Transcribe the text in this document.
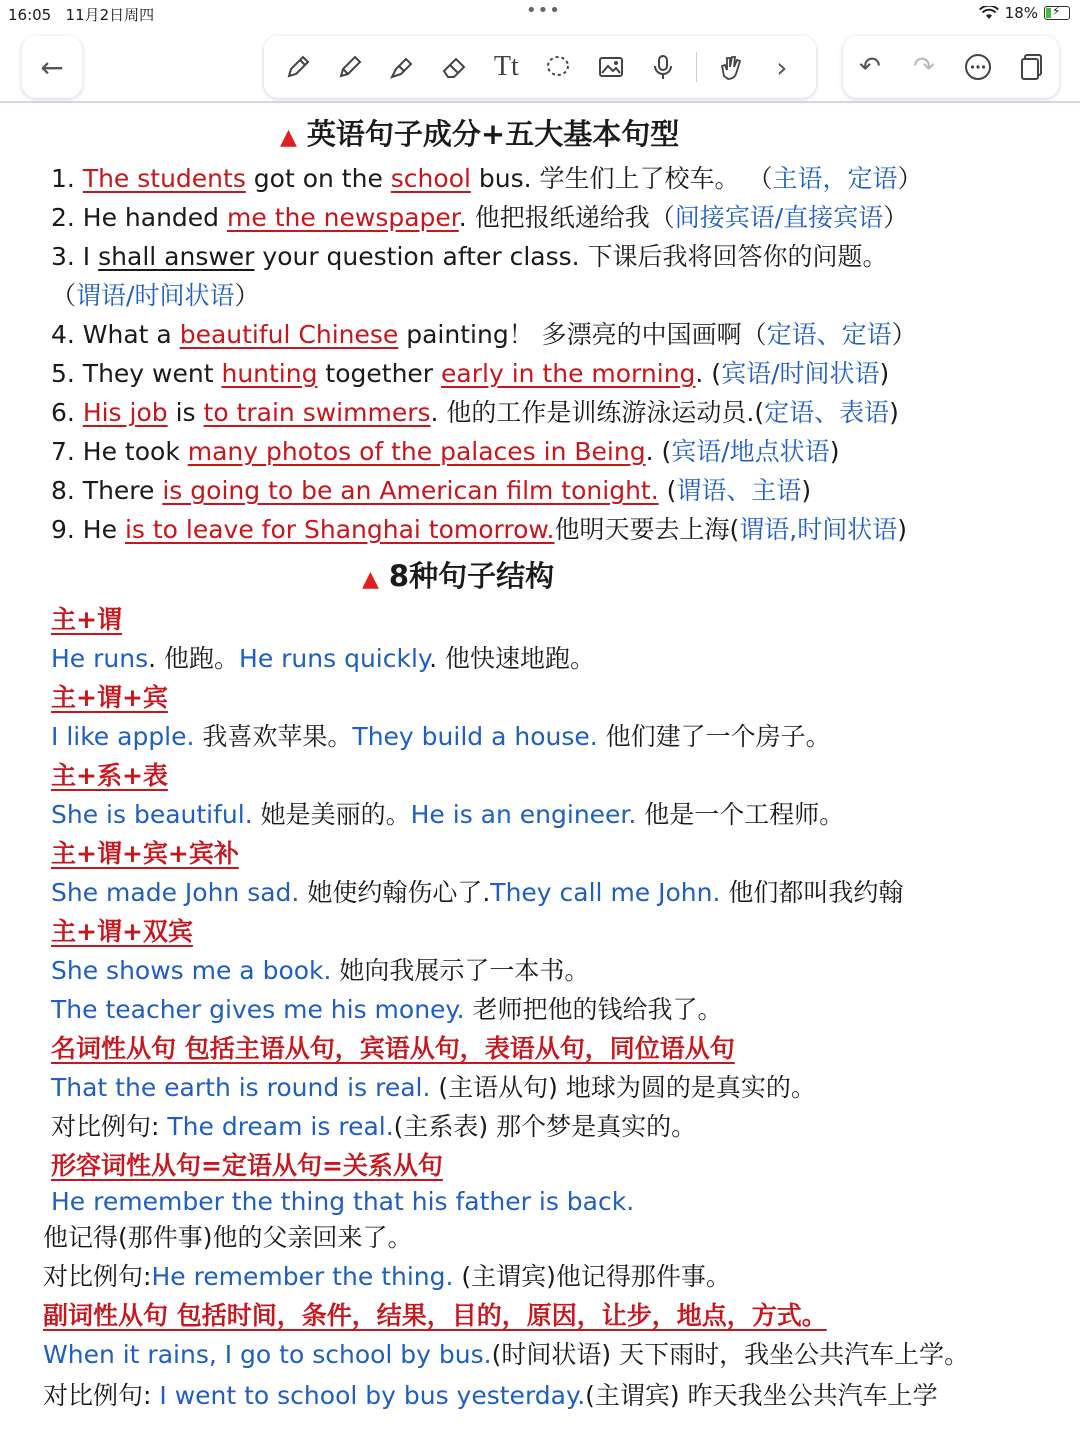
16:05 11月2日周四	•••	18% ⚡
←	Tt	›	↶ ↷
▲ 英语句子成分+五大基本句型
1. The students got on the school bus. 学生们上了校车。 （主语，定语）
2. He handed me the newspaper. 他把报纸递给我（间接宾语/直接宾语）
3. I shall answer your question after class. 下课后我将回答你的问题。
（谓语/时间状语）
4. What a beautiful Chinese painting！ 多漂亮的中国画啊（定语、定语）
5. They went hunting together early in the morning. (宾语/时间状语)
6. His job is to train swimmers. 他的工作是训练游泳运动员.(定语、表语)
7. He took many photos of the palaces in Being. (宾语/地点状语)
8. There is going to be an American film tonight. (谓语、主语)
9. He is to leave for Shanghai tomorrow.他明天要去上海(谓语,时间状语)
▲ 8种句子结构
主+谓
He runs. 他跑。He runs quickly. 他快速地跑。
主+谓+宾
I like apple. 我喜欢苹果。They build a house. 他们建了一个房子。
主+系+表
She is beautiful. 她是美丽的。He is an engineer. 他是一个工程师。
主+谓+宾+宾补
She made John sad. 她使约翰伤心了.They call me John. 他们都叫我约翰
主+谓+双宾
She shows me a book. 她向我展示了一本书。
The teacher gives me his money. 老师把他的钱给我了。
名词性从句 包括主语从句，宾语从句，表语从句，同位语从句
That the earth is round is real. (主语从句) 地球为圆的是真实的。
对比例句: The dream is real.(主系表) 那个梦是真实的。
形容词性从句=定语从句=关系从句
He remember the thing that his father is back.
他记得(那件事)他的父亲回来了。
对比例句:He remember the thing. (主谓宾)他记得那件事。
副词性从句 包括时间，条件，结果，目的，原因，让步，地点，方式。
When it rains, I go to school by bus.(时间状语) 天下雨时，我坐公共汽车上学。
对比例句: I went to school by bus yesterday.(主谓宾) 昨天我坐公共汽车上学
